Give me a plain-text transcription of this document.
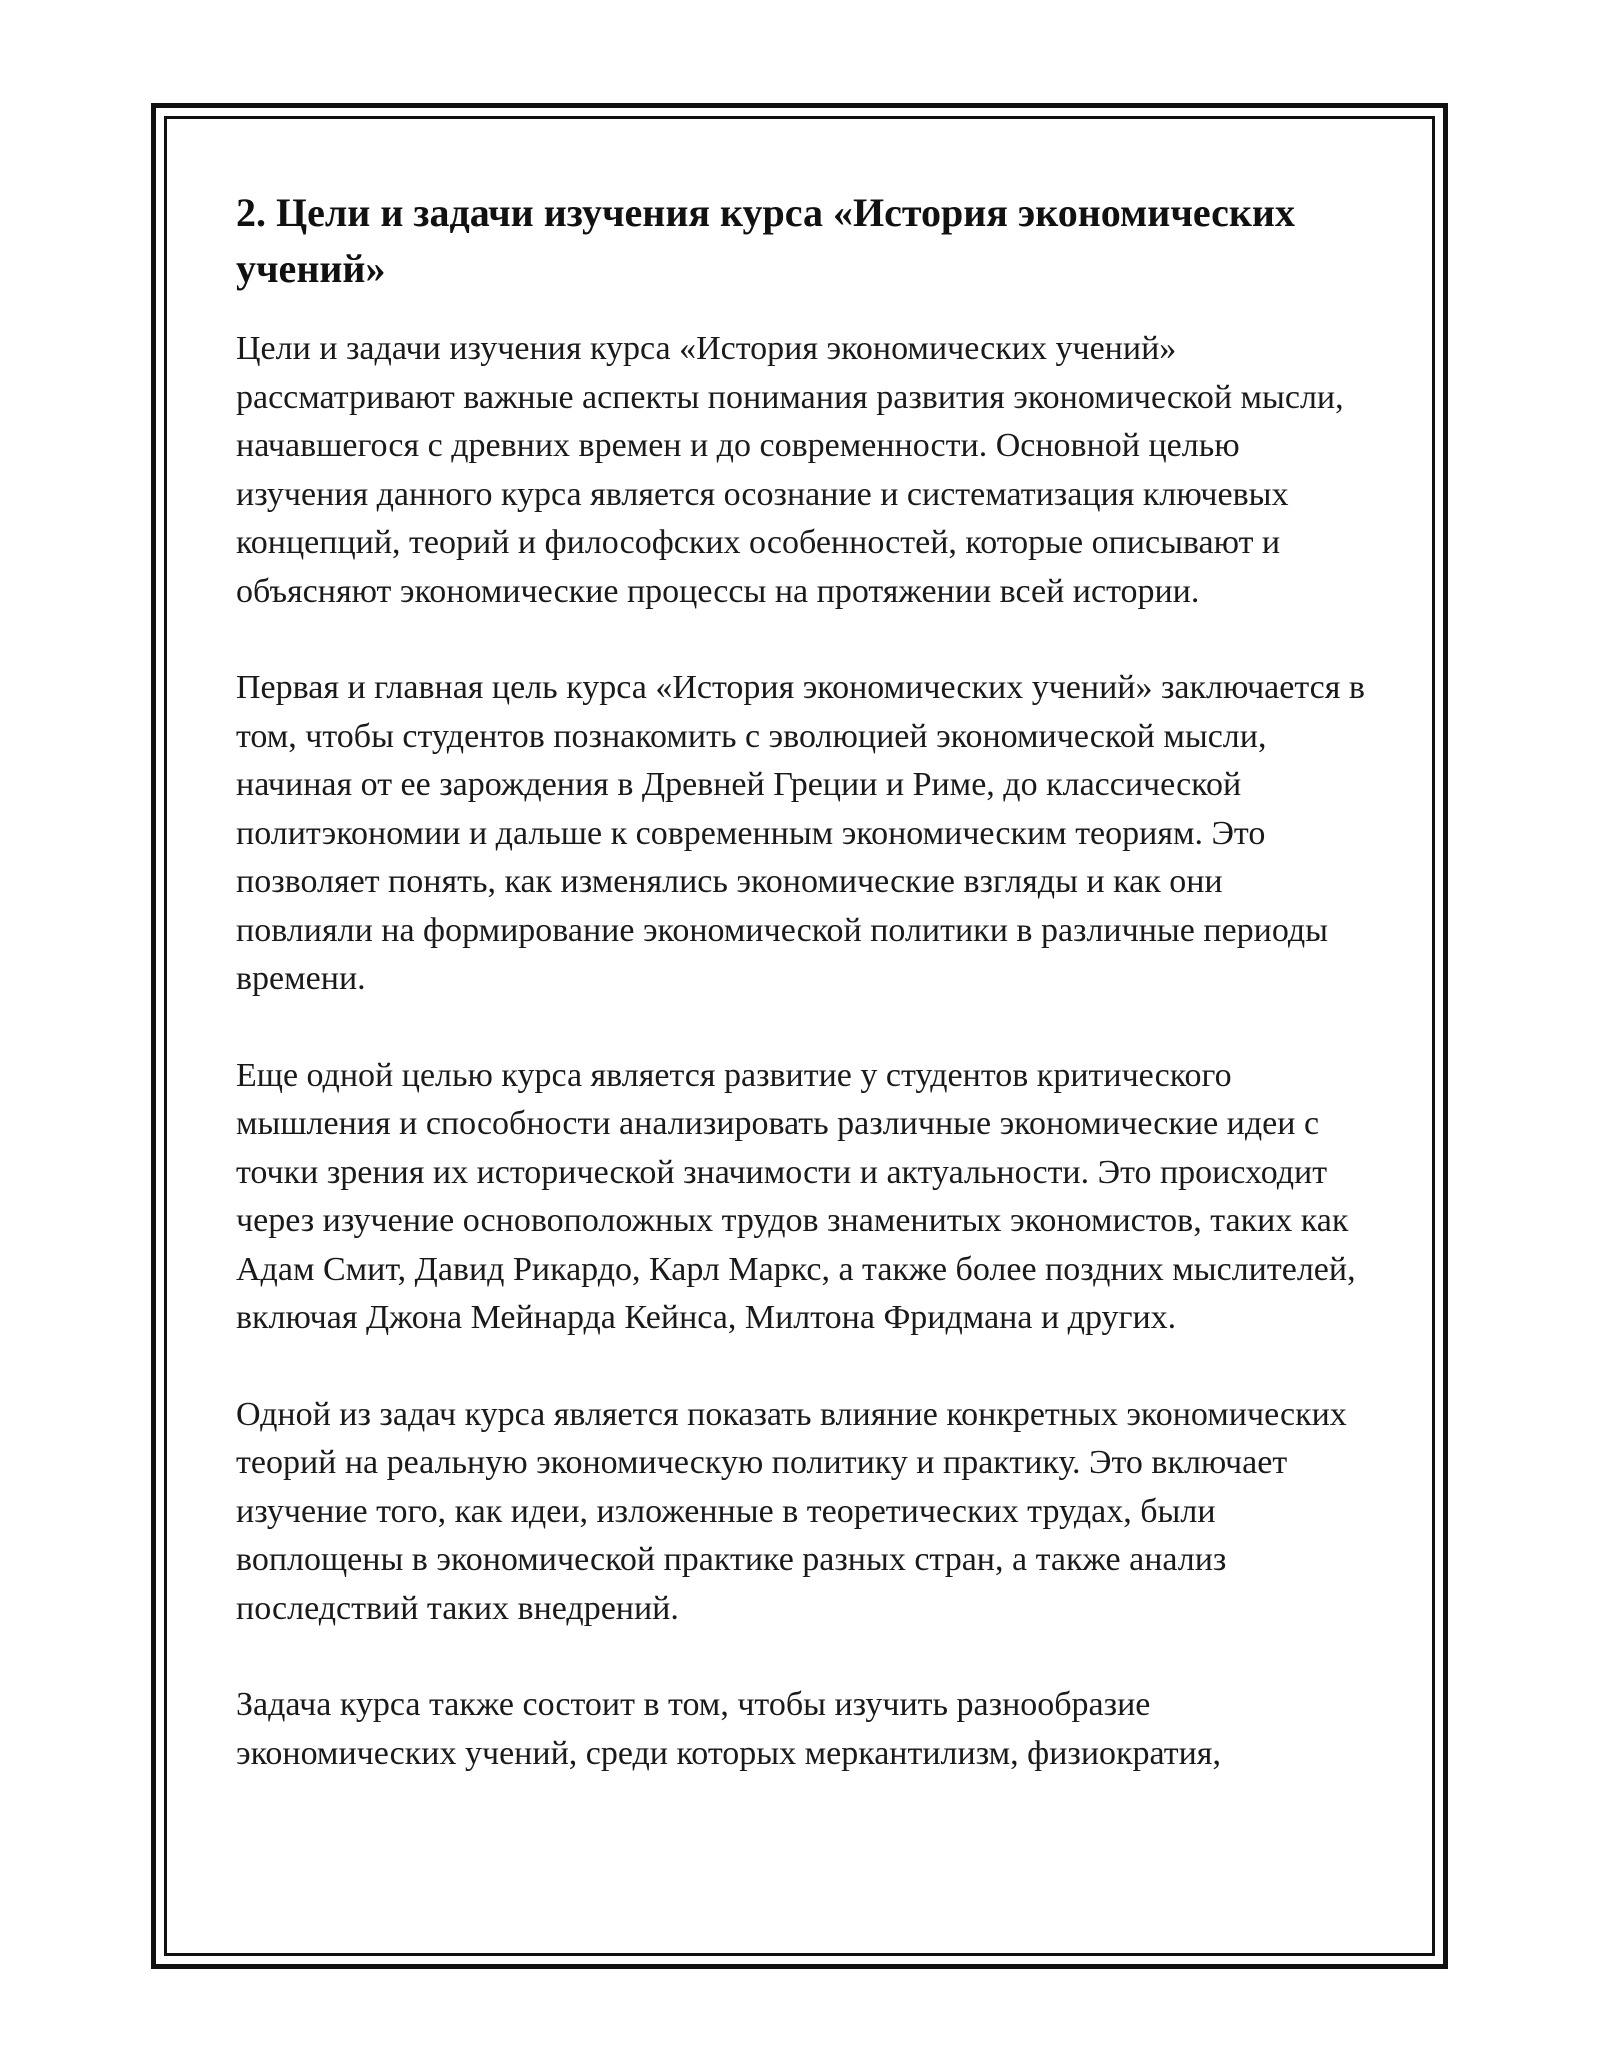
2. Цели и задачи изучения курса «История экономических учений»

Цели и задачи изучения курса «История экономических учений» рассматривают важные аспекты понимания развития экономической мысли, начавшегося с древних времен и до современности. Основной целью изучения данного курса является осознание и систематизация ключевых концепций, теорий и философских особенностей, которые описывают и объясняют экономические процессы на протяжении всей истории.

Первая и главная цель курса «История экономических учений» заключается в том, чтобы студентов познакомить с эволюцией экономической мысли, начиная от ее зарождения в Древней Греции и Риме, до классической политэкономии и дальше к современным экономическим теориям. Это позволяет понять, как изменялись экономические взгляды и как они повлияли на формирование экономической политики в различные периоды времени.

Еще одной целью курса является развитие у студентов критического мышления и способности анализировать различные экономические идеи с точки зрения их исторической значимости и актуальности. Это происходит через изучение основоположных трудов знаменитых экономистов, таких как Адам Смит, Давид Рикардо, Карл Маркс, а также более поздних мыслителей, включая Джона Мейнарда Кейнса, Милтона Фридмана и других.

Одной из задач курса является показать влияние конкретных экономических теорий на реальную экономическую политику и практику. Это включает изучение того, как идеи, изложенные в теоретических трудах, были воплощены в экономической практике разных стран, а также анализ последствий таких внедрений.

Задача курса также состоит в том, чтобы изучить разнообразие экономических учений, среди которых меркантилизм, физиократия,
